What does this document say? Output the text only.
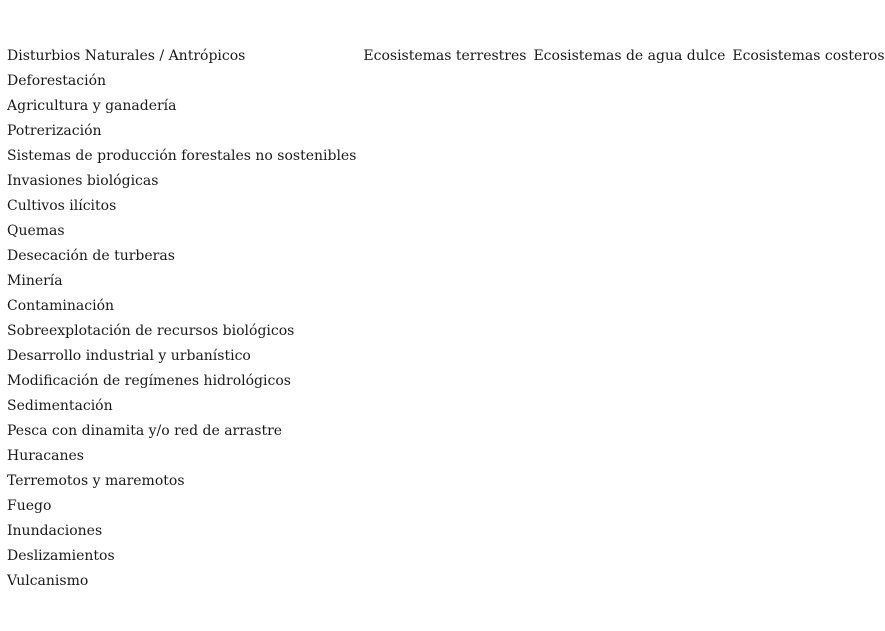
Disturbios Naturales / Antrópicos	Ecosistemas terrestres	Ecosistemas de agua dulce	Ecosistemas costeros
Deforestación			
Agricultura y ganadería			
Potrerización			
Sistemas de producción forestales no sostenibles			
Invasiones biológicas			
Cultivos ilícitos			
Quemas			
Desecación de turberas			
Minería			
Contaminación			
Sobreexplotación de recursos biológicos			
Desarrollo industrial y urbanístico			
Modificación de regímenes hidrológicos			
Sedimentación			
Pesca con dinamita y/o red de arrastre			
Huracanes			
Terremotos y maremotos			
Fuego			
Inundaciones			
Deslizamientos			
Vulcanismo			
